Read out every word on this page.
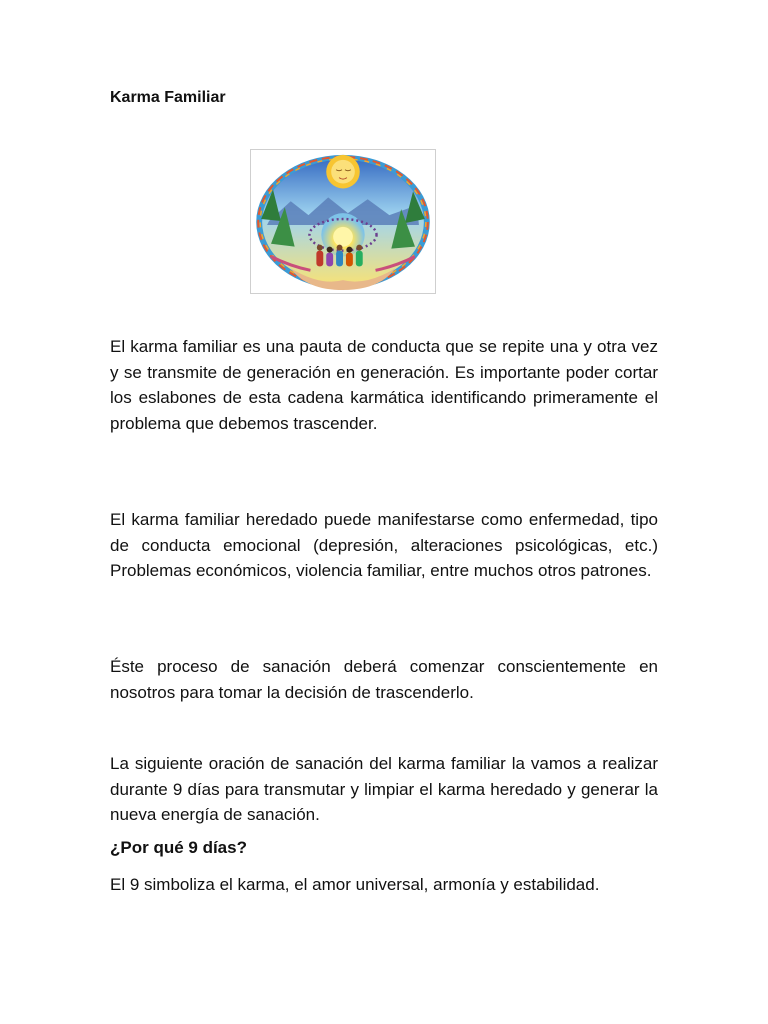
Karma Familiar

El karma familiar es una pauta de conducta que se repite una y otra vez y se transmite de generación en generación. Es importante poder cortar los eslabones de esta cadena karmática identificando primeramente el problema que debemos trascender.

El karma familiar heredado puede manifestarse como enfermedad, tipo de conducta emocional (depresión, alteraciones psicológicas, etc.) Problemas económicos, violencia familiar, entre muchos otros patrones.

Éste proceso de sanación deberá comenzar conscientemente en nosotros para tomar la decisión de trascenderlo.

La siguiente oración de sanación del karma familiar la vamos a realizar durante 9 días para transmutar y limpiar el karma heredado y generar la nueva energía de sanación.

¿Por qué 9 días?

El 9 simboliza el karma, el amor universal, armonía y estabilidad.
